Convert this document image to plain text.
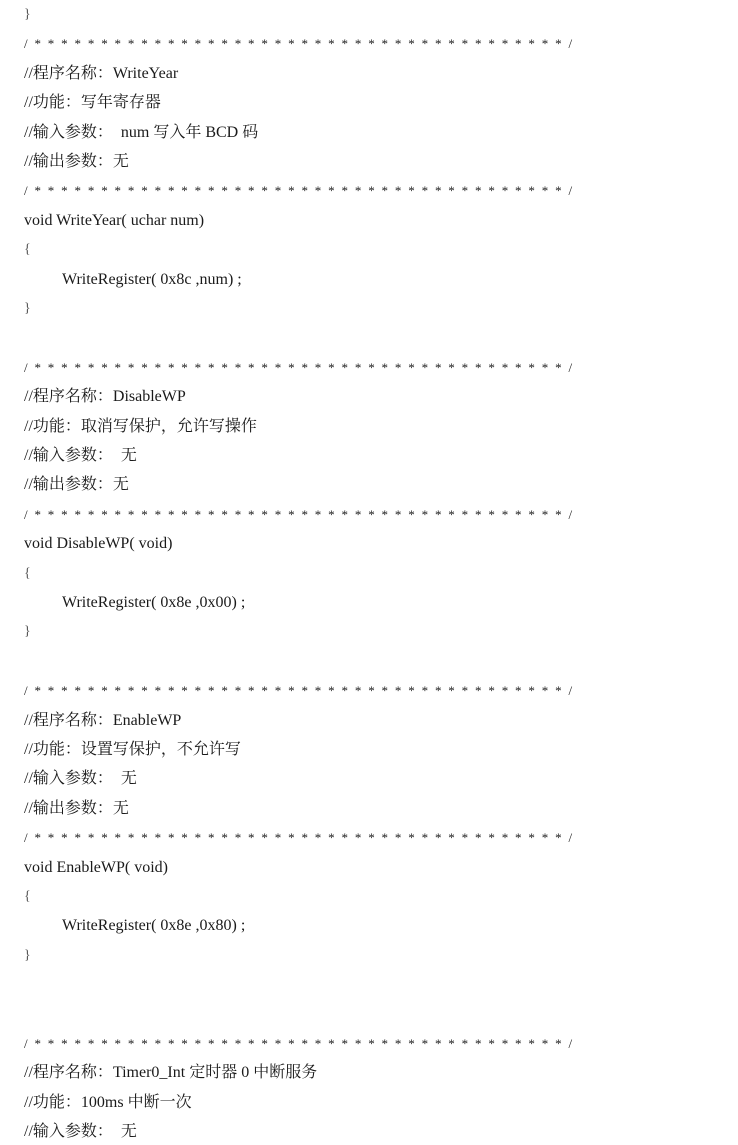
}
/ * * * * * * * * * * * * * * * * * * * * * * * * * * * * * * * * * * * * * * * * /
//程序名称：WriteYear
//功能：写年寄存器
//输入参数：  num 写入年 BCD 码
//输出参数：无
/ * * * * * * * * * * * * * * * * * * * * * * * * * * * * * * * * * * * * * * * * /
void WriteYear( uchar num)
{
WriteRegister( 0x8c ,num) ;
}
/ * * * * * * * * * * * * * * * * * * * * * * * * * * * * * * * * * * * * * * * * /
//程序名称：DisableWP
//功能：取消写保护，允许写操作
//输入参数：  无
//输出参数：无
/ * * * * * * * * * * * * * * * * * * * * * * * * * * * * * * * * * * * * * * * * /
void DisableWP( void)
{
WriteRegister( 0x8e ,0x00) ;
}
/ * * * * * * * * * * * * * * * * * * * * * * * * * * * * * * * * * * * * * * * * /
//程序名称：EnableWP
//功能：设置写保护，不允许写
//输入参数：  无
//输出参数：无
/ * * * * * * * * * * * * * * * * * * * * * * * * * * * * * * * * * * * * * * * * /
void EnableWP( void)
{
WriteRegister( 0x8e ,0x80) ;
}
/ * * * * * * * * * * * * * * * * * * * * * * * * * * * * * * * * * * * * * * * * /
//程序名称：Timer0_Int 定时器 0 中断服务
//功能：100ms 中断一次
//输入参数：  无
